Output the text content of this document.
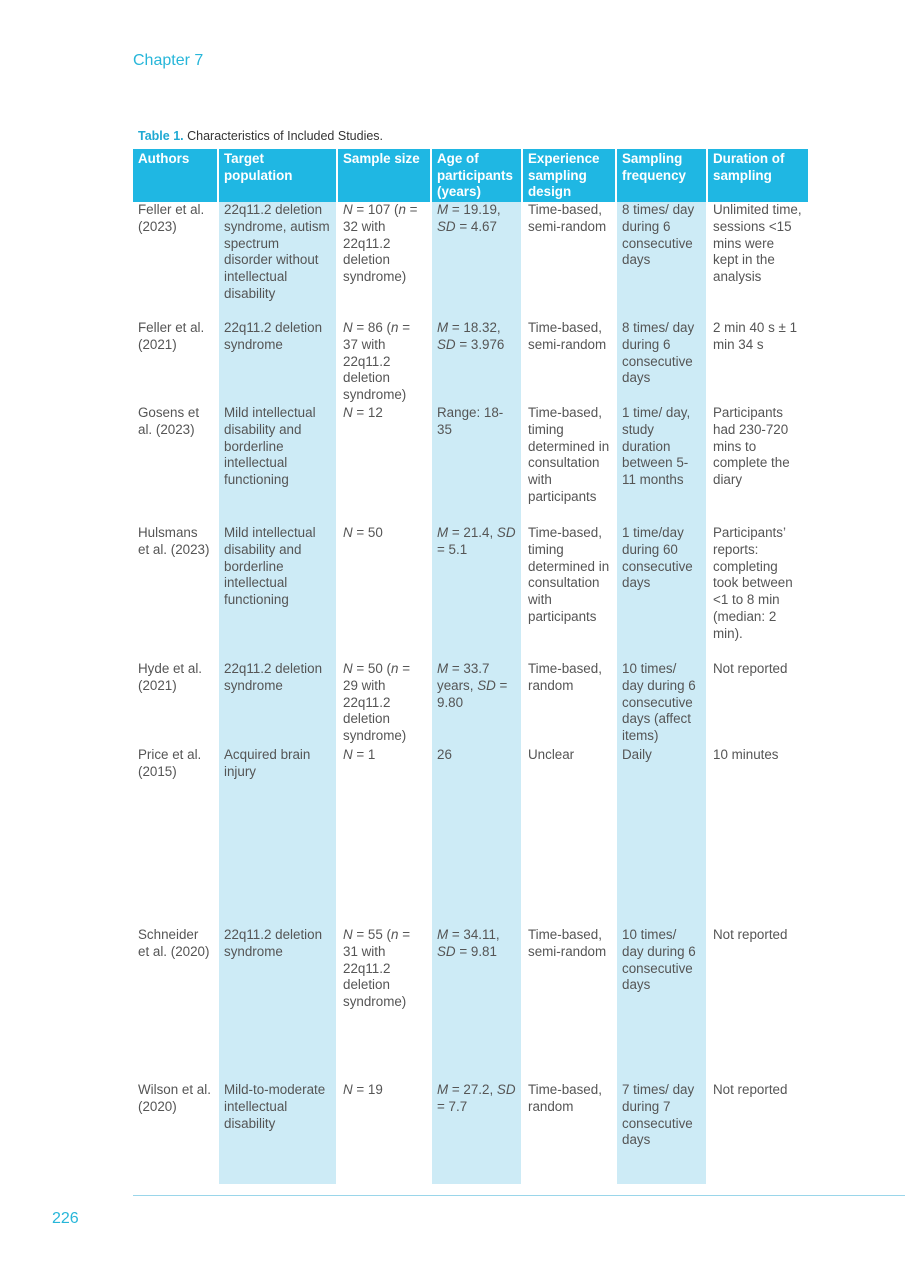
Chapter 7
Table 1. Characteristics of Included Studies.
Authors	Target population	Sample size	Age of participants (years)	Experience sampling design	Sampling frequency	Duration of sampling
Feller et al. (2023)	22q11.2 deletion syndrome, autism spectrum disorder without intellectual disability	N = 107 (n = 32 with 22q11.2 deletion syndrome)	M = 19.19, SD = 4.67	Time-based, semi-random	8 times/ day during 6 consecutive days	Unlimited time, sessions <15 mins were kept in the analysis
Feller et al. (2021)	22q11.2 deletion syndrome	N = 86 (n = 37 with 22q11.2 deletion syndrome)	M = 18.32, SD = 3.976	Time-based, semi-random	8 times/ day during 6 consecutive days	2 min 40 s ± 1 min 34 s
Gosens et al. (2023)	Mild intellectual disability and borderline intellectual functioning	N = 12	Range: 18-35	Time-based, timing determined in consultation with participants	1 time/ day, study duration between 5-11 months	Participants had 230-720 mins to complete the diary
Hulsmans et al. (2023)	Mild intellectual disability and borderline intellectual functioning	N = 50	M = 21.4, SD = 5.1	Time-based, timing determined in consultation with participants	1 time/day during 60 consecutive days	Participants’ reports: completing took between <1 to 8 min (median: 2 min).
Hyde et al. (2021)	22q11.2 deletion syndrome	N = 50 (n = 29 with 22q11.2 deletion syndrome)	M = 33.7 years, SD = 9.80	Time-based, random	10 times/ day during 6 consecutive days (affect items)	Not reported
Price et al. (2015)	Acquired brain injury	N = 1	26	Unclear	Daily	10 minutes
Schneider et al. (2020)	22q11.2 deletion syndrome	N = 55 (n = 31 with 22q11.2 deletion syndrome)	M = 34.11, SD = 9.81	Time-based, semi-random	10 times/ day during 6 consecutive days	Not reported
Wilson et al. (2020)	Mild-to-moderate intellectual disability	N = 19	M = 27.2, SD = 7.7	Time-based, random	7 times/ day during 7 consecutive days	Not reported
226
